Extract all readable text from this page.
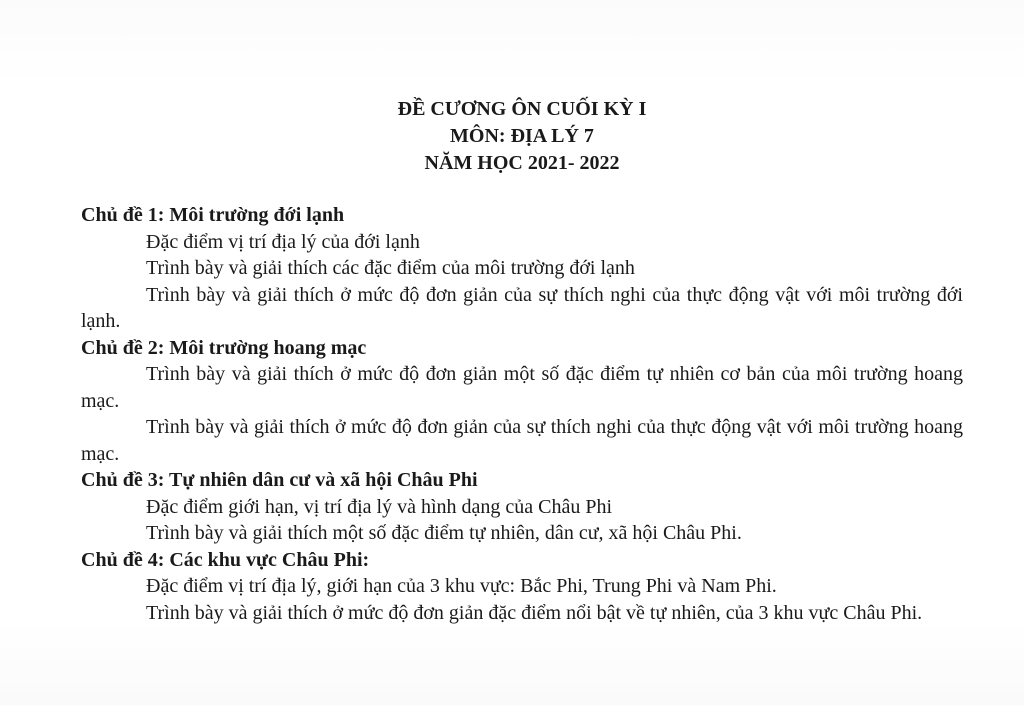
ĐỀ CƯƠNG ÔN CUỐI KỲ I
MÔN: ĐỊA LÝ 7
NĂM HỌC 2021- 2022
Chủ đề 1: Môi trường đới lạnh

Đặc điểm vị trí địa lý của đới lạnh

Trình bày và giải thích các đặc điểm của môi trường đới lạnh

Trình bày và giải thích ở mức độ đơn giản của sự thích nghi của thực động vật với môi trường đới lạnh.

Chủ đề 2: Môi trường hoang mạc

Trình bày và giải thích ở mức độ đơn giản một số đặc điểm tự nhiên cơ bản của môi trường hoang mạc.

Trình bày và giải thích ở mức độ đơn giản của sự thích nghi của thực động vật với môi trường hoang mạc.

Chủ đề 3: Tự nhiên dân cư và xã hội Châu Phi

Đặc điểm giới hạn, vị trí địa lý và hình dạng của Châu Phi

Trình bày và giải thích một số đặc điểm tự nhiên, dân cư, xã hội Châu Phi.

Chủ đề 4: Các khu vực Châu Phi:

Đặc điểm vị trí địa lý, giới hạn của 3 khu vực: Bắc Phi, Trung Phi và Nam Phi.

Trình bày và giải thích ở mức độ đơn giản đặc điểm nổi bật về tự nhiên, của 3 khu vực Châu Phi.
